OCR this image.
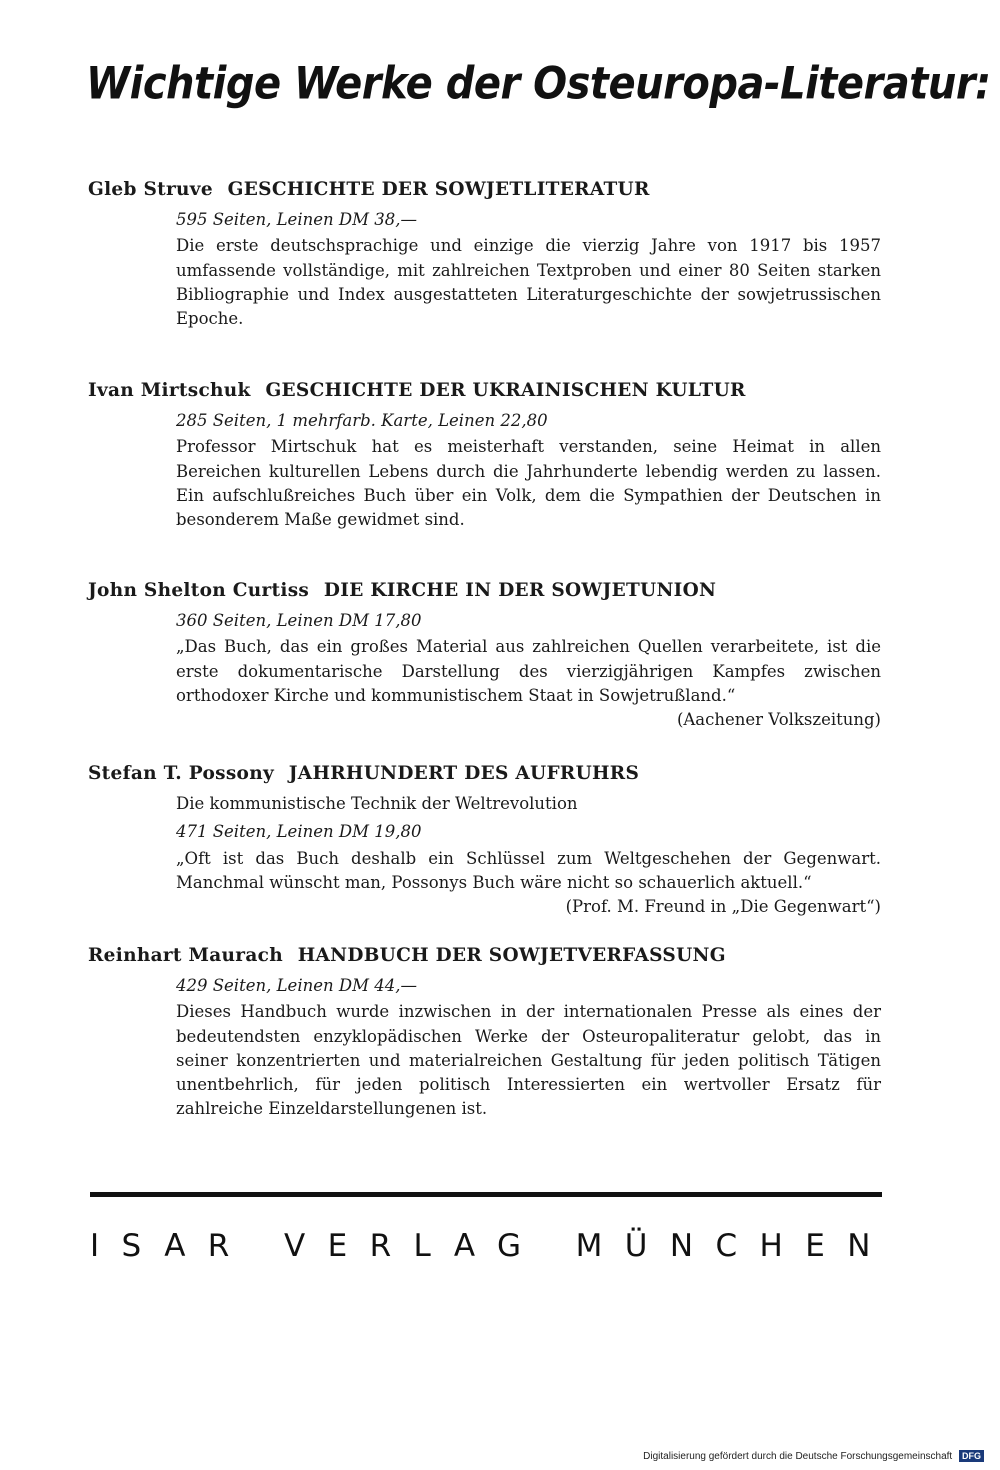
Wichtige Werke der Osteuropa-Literatur:
Gleb Struve GESCHICHTE DER SOWJETLITERATUR
595 Seiten, Leinen DM 38,—
Die erste deutschsprachige und einzige die vierzig Jahre von 1917 bis 1957 umfassende vollständige, mit zahlreichen Textproben und einer 80 Seiten starken Bibliographie und Index ausgestatteten Literaturgeschichte der sowjetrussischen Epoche.
Ivan Mirtschuk GESCHICHTE DER UKRAINISCHEN KULTUR
285 Seiten, 1 mehrfarb. Karte, Leinen 22,80
Professor Mirtschuk hat es meisterhaft verstanden, seine Heimat in allen Bereichen kulturellen Lebens durch die Jahrhunderte lebendig werden zu lassen. Ein aufschlußreiches Buch über ein Volk, dem die Sympathien der Deutschen in besonderem Maße gewidmet sind.
John Shelton Curtiss DIE KIRCHE IN DER SOWJETUNION
360 Seiten, Leinen DM 17,80
„Das Buch, das ein großes Material aus zahlreichen Quellen verarbeitete, ist die erste dokumentarische Darstellung des vierzigjährigen Kampfes zwischen orthodoxer Kirche und kommunistischem Staat in Sowjetrußland.“
(Aachener Volkszeitung)
Stefan T. Possony JAHRHUNDERT DES AUFRUHRS
Die kommunistische Technik der Weltrevolution
471 Seiten, Leinen DM 19,80
„Oft ist das Buch deshalb ein Schlüssel zum Weltgeschehen der Gegenwart. Manchmal wünscht man, Possonys Buch wäre nicht so schauerlich aktuell.“
(Prof. M. Freund in „Die Gegenwart“)
Reinhart Maurach HANDBUCH DER SOWJETVERFASSUNG
429 Seiten, Leinen DM 44,—
Dieses Handbuch wurde inzwischen in der internationalen Presse als eines der bedeutendsten enzyklopädischen Werke der Osteuropaliteratur gelobt, das in seiner konzentrierten und materialreichen Gestaltung für jeden politisch Tätigen unentbehrlich, für jeden politisch Interessierten ein wertvoller Ersatz für zahlreiche Einzeldarstellungenen ist.
ISAR VERLAG MÜNCHEN
Digitalisierung gefördert durch die Deutsche Forschungsgemeinschaft DFG
